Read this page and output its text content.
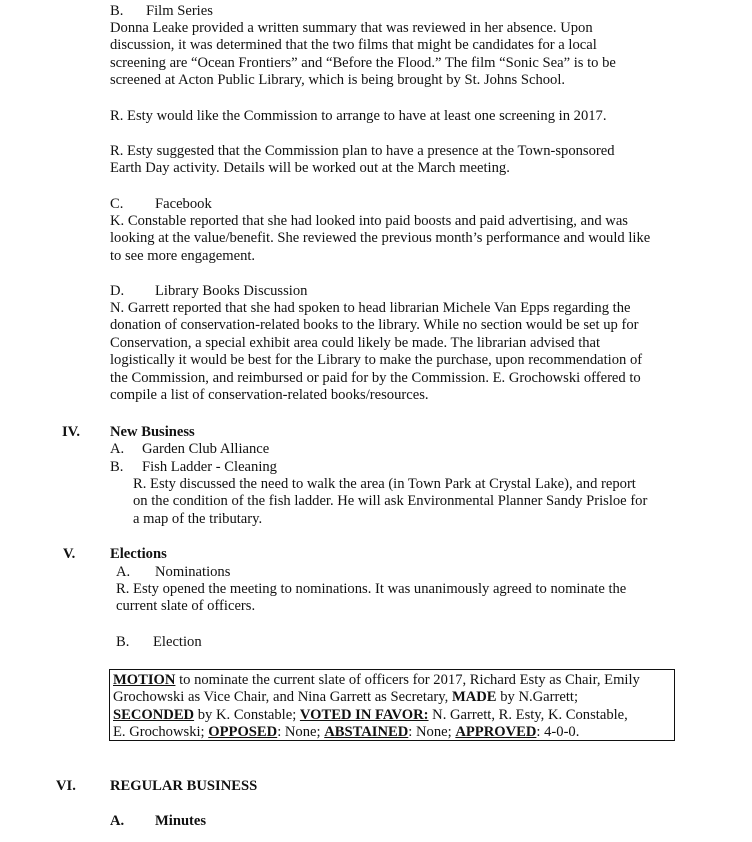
B. Film Series

Donna Leake provided a written summary that was reviewed in her absence. Upon

discussion, it was determined that the two films that might be candidates for a local

screening are “Ocean Frontiers” and “Before the Flood.” The film “Sonic Sea” is to be

screened at Acton Public Library, which is being brought by St. Johns School.

R. Esty would like the Commission to arrange to have at least one screening in 2017.

R. Esty suggested that the Commission plan to have a presence at the Town-sponsored

Earth Day activity. Details will be worked out at the March meeting.

C. Facebook

K. Constable reported that she had looked into paid boosts and paid advertising, and was

looking at the value/benefit. She reviewed the previous month’s performance and would like

to see more engagement.

D. Library Books Discussion

N. Garrett reported that she had spoken to head librarian Michele Van Epps regarding the

donation of conservation-related books to the library. While no section would be set up for

Conservation, a special exhibit area could likely be made. The librarian advised that

logistically it would be best for the Library to make the purchase, upon recommendation of

the Commission, and reimbursed or paid for by the Commission. E. Grochowski offered to

compile a list of conservation-related books/resources.

IV. New Business
A. Garden Club Alliance
B. Fish Ladder - Cleaning

R. Esty discussed the need to walk the area (in Town Park at Crystal Lake), and report

on the condition of the fish ladder. He will ask Environmental Planner Sandy Prisloe for

a map of the tributary.

V. Elections
A. Nominations

R. Esty opened the meeting to nominations. It was unanimously agreed to nominate the

current slate of officers.

B. Election

MOTION to nominate the current slate of officers for 2017, Richard Esty as Chair, Emily

Grochowski as Vice Chair, and Nina Garrett as Secretary, MADE by N.Garrett;

SECONDED by K. Constable; VOTED IN FAVOR: N. Garrett, R. Esty, K. Constable,

E. Grochowski; OPPOSED: None; ABSTAINED: None; APPROVED: 4-0-0.

VI. REGULAR BUSINESS
A. Minutes
